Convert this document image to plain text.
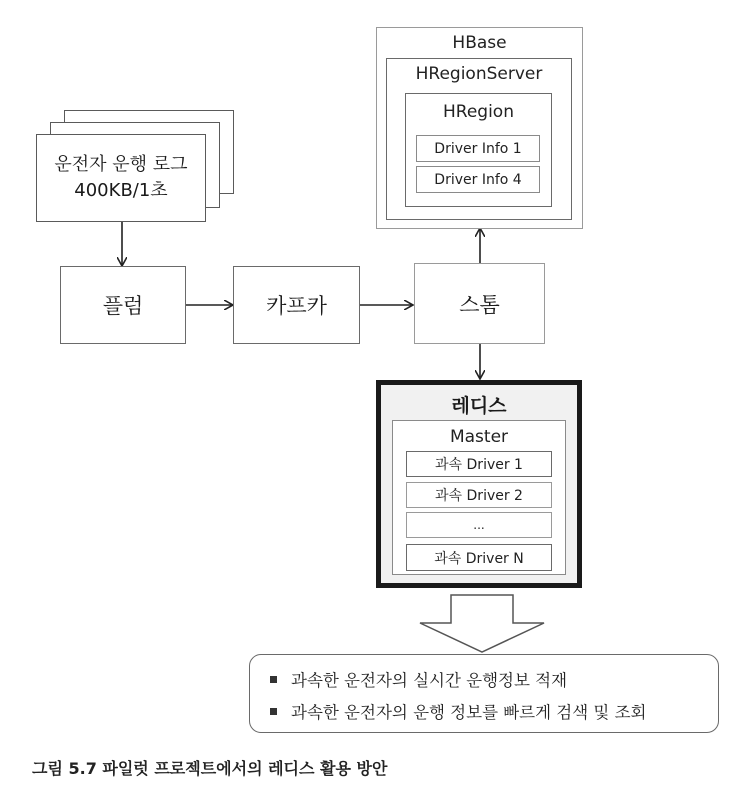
운전자 운행 로그
400KB/1초
플럼	카프카	스톰
HBase
HRegionServer
HRegion
Driver Info 1
Driver Info 4
레디스
Master
과속 Driver 1
과속 Driver 2
...
과속 Driver N
과속한 운전자의 실시간 운행정보 적재
과속한 운전자의 운행 정보를 빠르게 검색 및 조회
그림 5.7 파일럿 프로젝트에서의 레디스 활용 방안
